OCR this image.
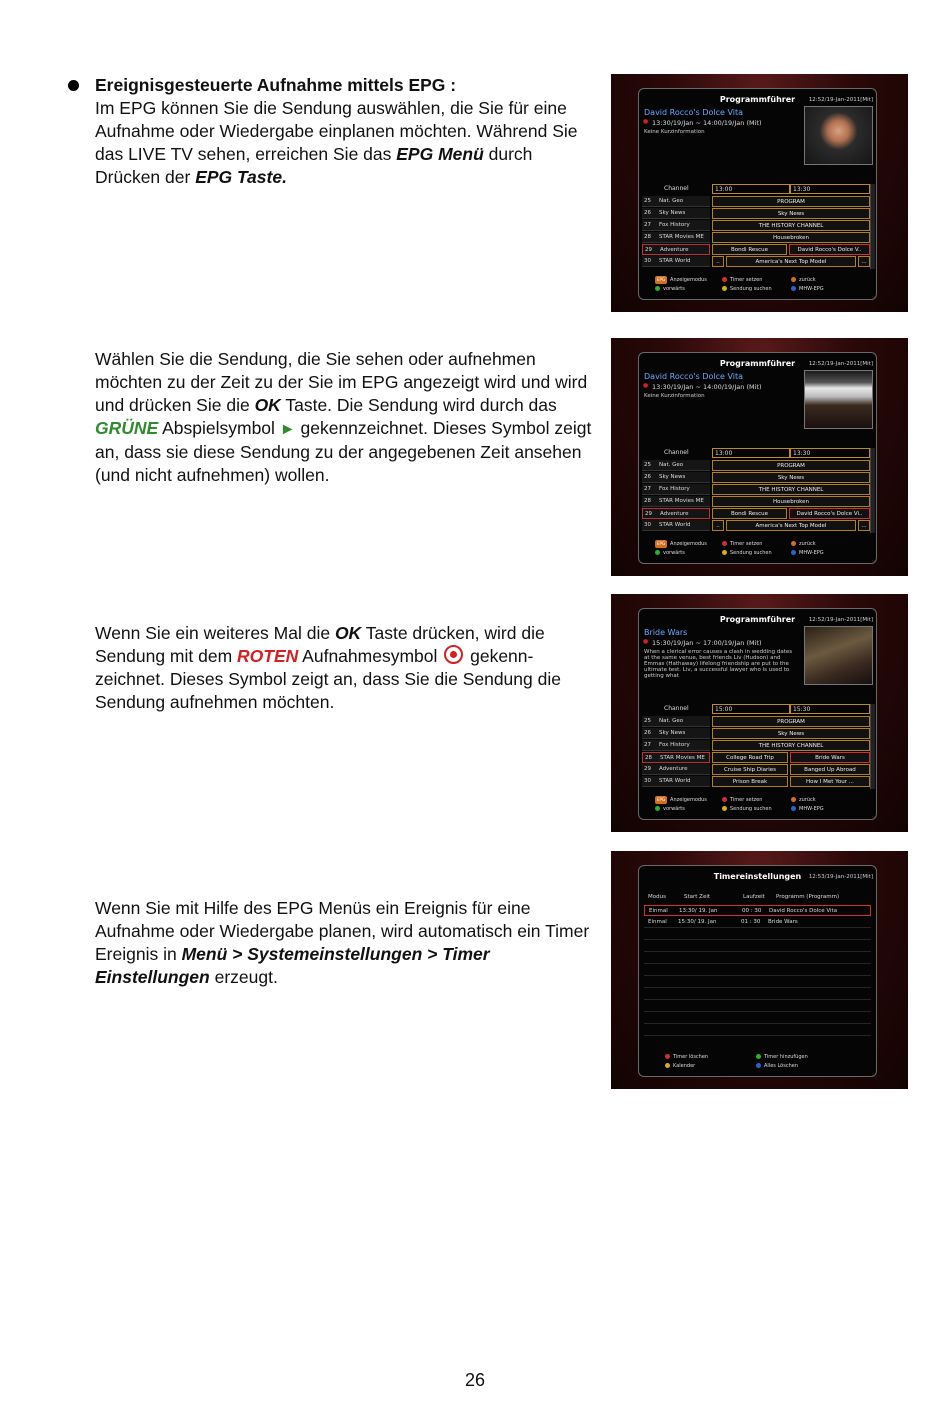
Ereignisgesteuerte Aufnahme mittels EPG :
Im EPG können Sie die Sendung auswählen, die Sie für eine Aufnahme oder Wiedergabe einplanen möchten. Während Sie das LIVE TV sehen, erreichen Sie das EPG Menü durch Drücken der EPG Taste.
Wählen Sie die Sendung, die Sie sehen oder aufnehmen möchten zu der Zeit zu der Sie im EPG angezeigt wird und wird und drücken Sie die OK Taste. Die Sendung wird durch das GRÜNE Abspielsymbol ► gekennzeichnet. Dieses Symbol zeigt an, dass sie diese Sendung zu der angegebenen Zeit ansehen (und nicht aufnehmen) wollen.
Wenn Sie ein weiteres Mal die OK Taste drücken, wird die Sendung mit dem ROTEN Aufnahmesymbol  gekenn-zeichnet. Dieses Symbol zeigt an, dass Sie die Sendung die Sendung aufnehmen möchten.
Wenn Sie mit Hilfe des EPG Menüs ein Ereignis für eine Aufnahme oder Wiedergabe planen, wird automatisch ein Timer Ereignis in Menü > Systemeinstellungen > Timer Einstellungen erzeugt.
26
Programmführer	12:52/19-Jan-2011[Mit]
David Rocco's Dolce Vita
● 13:30/19/Jan ~ 14:00/19/Jan (Mit)
Keine Kurzinformation
Channel	13:00	13:30
25 Nat. Geo	PROGRAM
26 Sky News	Sky News
27 Fox History	THE HISTORY CHANNEL
28 STAR Movies ME	Housebroken
29 Adventure	Bondi Rescue	David Rocco's Dolce V..
30 STAR World	..	America's Next Top Model	...
EPG Anzeigemodus
vorwärts
Timer setzen
Sendung suchen
zurück
MHW-EPG
Programmführer	12:52/19-Jan-2011[Mit]
David Rocco's Dolce Vita
● 13:30/19/Jan ~ 14:00/19/Jan (Mit)
Keine Kurzinformation
Channel	13:00	13:30
25 Nat. Geo	PROGRAM
26 Sky News	Sky News
27 Fox History	THE HISTORY CHANNEL
28 STAR Movies ME	Housebroken
29 Adventure	Bondi Rescue	David Rocco's Dolce Vi..
30 STAR World	..	America's Next Top Model	...
EPG Anzeigemodus
vorwärts
Timer setzen
Sendung suchen
zurück
MHW-EPG
Programmführer	12:52/19-Jan-2011[Mit]
Bride Wars
● 15:30/19/Jan ~ 17:00/19/Jan (Mit)
When a clerical error causes a clash in wedding dates at the same venue, best friends Liv (Hudson) and Emmas (Hathaway) lifelong friendship are put to the ultimate test. Liv, a successful lawyer who is used to getting what
Channel	15:00	15:30
25 Nat. Geo	PROGRAM
26 Sky News	Sky News
27 Fox History	THE HISTORY CHANNEL
28 STAR Movies ME	College Road Trip	Bride Wars
29 Adventure	Cruise Ship Diaries	Banged Up Abroad
30 STAR World	Prison Break	How I Met Your ...
EPG Anzeigemodus
vorwärts
Timer setzen
Sendung suchen
zurück
MHW-EPG
Timereinstellungen	12:53/19-Jan-2011[Mit]
Modus	Start Zeit	Laufzeit Programm (Programm)
Einmal 13:30/ 19. Jan	00 : 30 David Rocco's Dolce Vita
Einmal 15:30/ 19. Jan	01 : 30 Bride Wars
Timer löschen
Kalender
Timer hinzufügen
Alles Löschen
